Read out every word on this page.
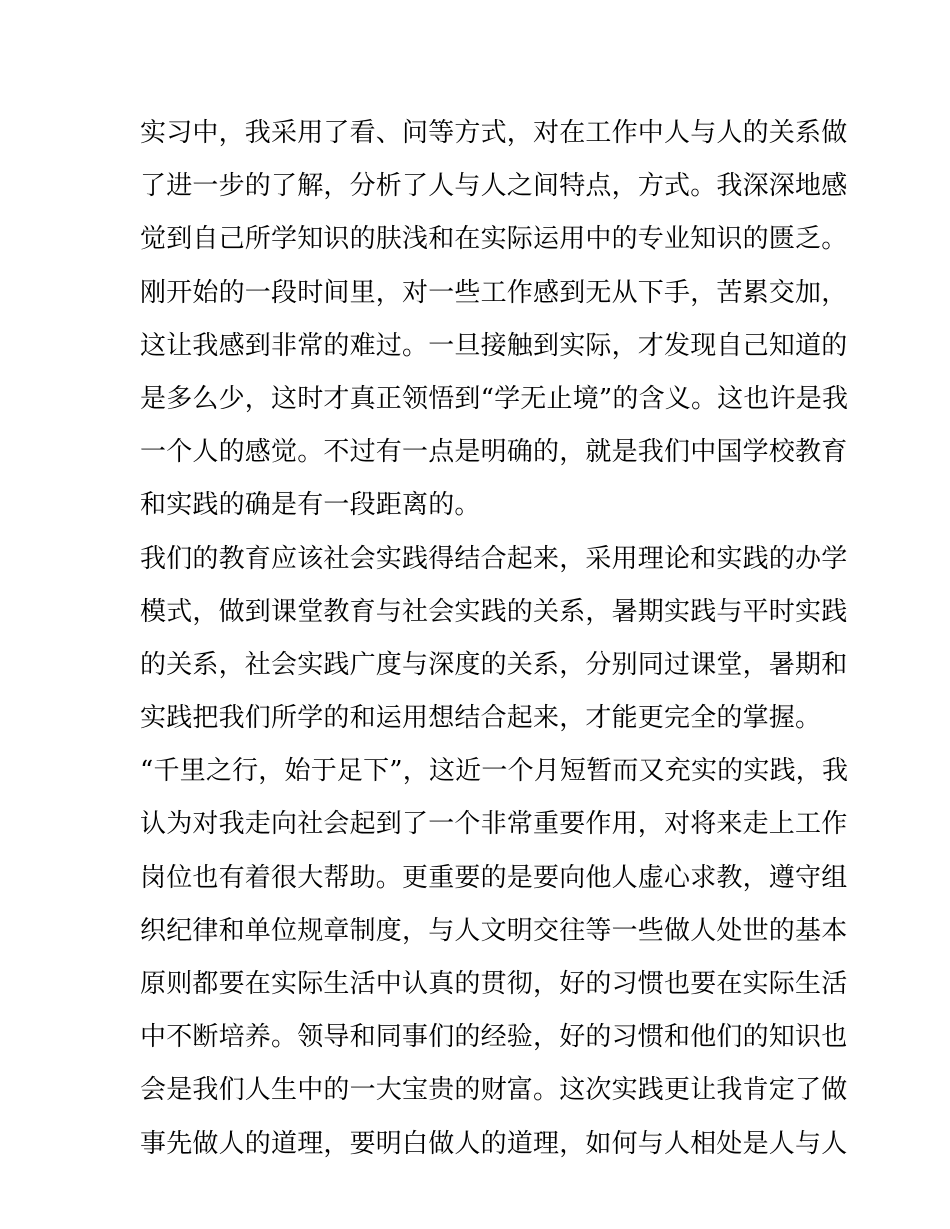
实习中，我采用了看、问等方式，对在工作中人与人的关系做
了进一步的了解，分析了人与人之间特点，方式。我深深地感
觉到自己所学知识的肤浅和在实际运用中的专业知识的匮乏。
刚开始的一段时间里，对一些工作感到无从下手，苦累交加，
这让我感到非常的难过。一旦接触到实际，才发现自己知道的
是多么少，这时才真正领悟到“学无止境”的含义。这也许是我
一个人的感觉。不过有一点是明确的，就是我们中国学校教育
和实践的确是有一段距离的。
我们的教育应该社会实践得结合起来，采用理论和实践的办学
模式，做到课堂教育与社会实践的关系，暑期实践与平时实践
的关系，社会实践广度与深度的关系，分别同过课堂，暑期和
实践把我们所学的和运用想结合起来，才能更完全的掌握。
“千里之行，始于足下”，这近一个月短暂而又充实的实践，我
认为对我走向社会起到了一个非常重要作用，对将来走上工作
岗位也有着很大帮助。更重要的是要向他人虚心求教，遵守组
织纪律和单位规章制度，与人文明交往等一些做人处世的基本
原则都要在实际生活中认真的贯彻，好的习惯也要在实际生活
中不断培养。领导和同事们的经验，好的习惯和他们的知识也
会是我们人生中的一大宝贵的财富。这次实践更让我肯定了做
事先做人的道理，要明白做人的道理，如何与人相处是人与人
